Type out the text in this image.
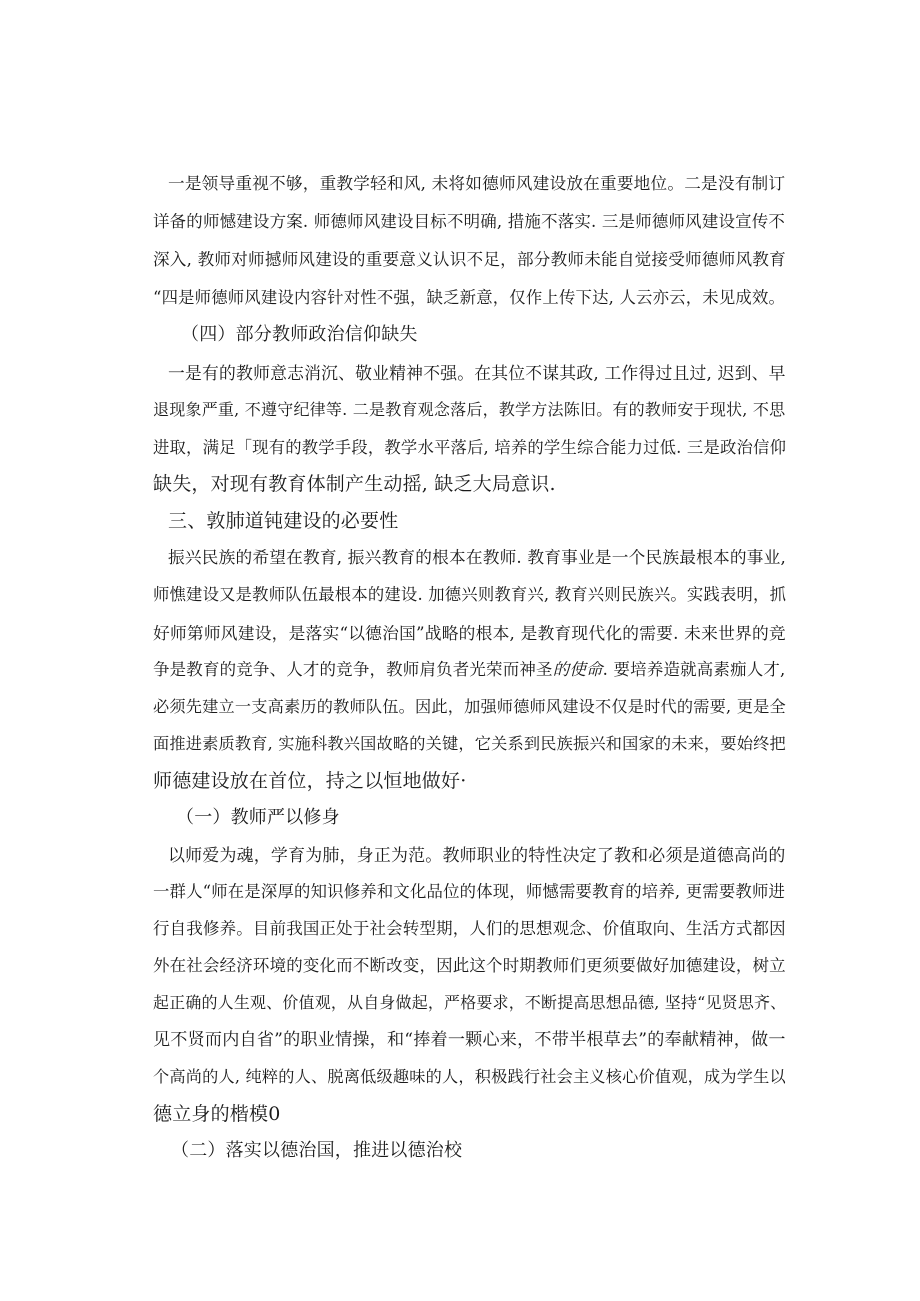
一是领导重视不够，重教学轻和风, 未将如德师风建设放在重要地位。二是没有制订
详备的师憾建设方案. 师德师风建设目标不明确, 措施不落实. 三是师德师风建设宣传不
深入, 教师对师撼师风建设的重要意义认识不足，部分教师未能自觉接受师德师风教育
“四是师德师风建设内容针对性不强，缺乏新意，仅作上传下达, 人云亦云，未见成效。
（四）部分教师政治信仰缺失
一是有的教师意志消沉、敬业精神不强。在其位不谋其政, 工作得过且过, 迟到、早
退现象严重, 不遵守纪律等. 二是教育观念落后，教学方法陈旧。有的教师安于现状, 不思
进取，满足「现有的教学手段，教学水平落后, 培养的学生综合能力过低. 三是政治信仰
缺失，对现有教育体制产生动摇, 缺乏大局意识.
三、敦肺道钝建设的必要性
振兴民族的希望在教育, 振兴教育的根本在教师. 教育事业是一个民族最根本的事业,
师憔建设又是教师队伍最根本的建设. 加德兴则教育兴, 教育兴则民族兴。实践表明，抓
好师第师风建设，是落实“以德治国”战略的根本, 是教育现代化的需要. 未来世界的竞
争是教育的竞争、人才的竞争，教师肩负者光荣而神圣的使命. 要培养造就高素痂人才,
必须先建立一支高素历的教师队伍。因此，加强师德师风建设不仅是时代的需要, 更是全
面推进素质教育, 实施科教兴国故略的关键，它关系到民族振兴和国家的未来，要始终把
师德建设放在首位，持之以恒地做好·
（一）教师严以修身
以师爱为魂，学育为肺，身正为范。教师职业的特性决定了教和必须是道德高尚的
一群人“师在是深厚的知识修养和文化品位的体现，师憾需要教育的培养, 更需要教师进
行自我修养。目前我国正处于社会转型期，人们的思想观念、价值取向、生活方式都因
外在社会经济环境的变化而不断改变，因此这个时期教师们更须要做好加德建设，树立
起正确的人生观、价值观，从自身做起，严格要求，不断提高思想品德, 坚持“见贤思齐、
见不贤而内自省”的职业情操，和“捧着一颗心来，不带半根草去”的奉献精神，做一
个高尚的人, 纯粹的人、脱离低级趣味的人，积极践行社会主义核心价值观，成为学生以
德立身的楷模0
（二）落实以德治国，推进以德治校
